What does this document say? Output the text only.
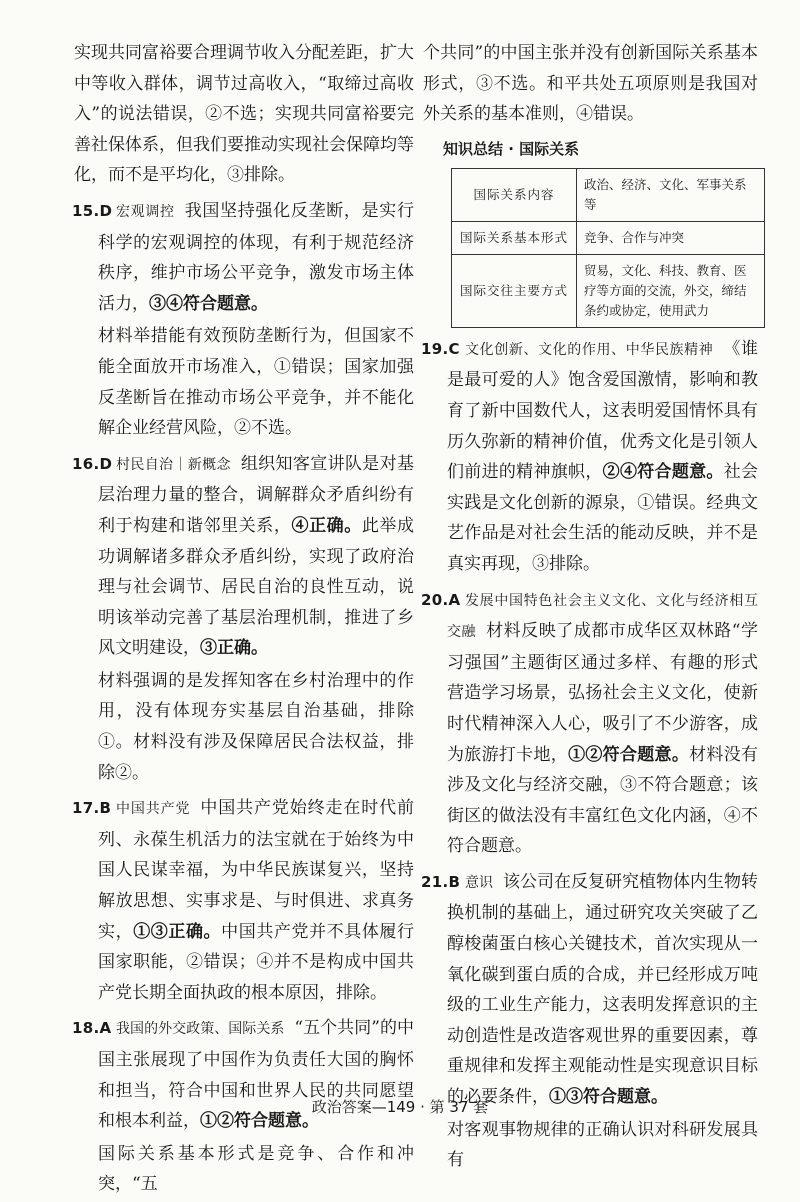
实现共同富裕要合理调节收入分配差距，扩大中等收入群体，调节过高收入，“取缔过高收入”的说法错误，②不选；实现共同富裕要完善社保体系，但我们要推动实现社会保障均等化，而不是平均化，③排除。

15.D 宏观调控 我国坚持强化反垄断，是实行科学的宏观调控的体现，有利于规范经济秩序，维护市场公平竞争，激发市场主体活力，③④符合题意。

材料举措能有效预防垄断行为，但国家不能全面放开市场准入，①错误；国家加强反垄断旨在推动市场公平竞争，并不能化解企业经营风险，②不选。

16.D 村民自治｜新概念 组织知客宣讲队是对基层治理力量的整合，调解群众矛盾纠纷有利于构建和谐邻里关系，④正确。此举成功调解诸多群众矛盾纠纷，实现了政府治理与社会调节、居民自治的良性互动，说明该举动完善了基层治理机制，推进了乡风文明建设，③正确。

材料强调的是发挥知客在乡村治理中的作用，没有体现夯实基层自治基础，排除①。材料没有涉及保障居民合法权益，排除②。

17.B 中国共产党 中国共产党始终走在时代前列、永葆生机活力的法宝就在于始终为中国人民谋幸福，为中华民族谋复兴，坚持解放思想、实事求是、与时俱进、求真务实，①③正确。中国共产党并不具体履行国家职能，②错误；④并不是构成中国共产党长期全面执政的根本原因，排除。

18.A 我国的外交政策、国际关系 “五个共同”的中国主张展现了中国作为负责任大国的胸怀和担当，符合中国和世界人民的共同愿望和根本利益，①②符合题意。

国际关系基本形式是竞争、合作和冲突，“五

个共同”的中国主张并没有创新国际关系基本形式，③不选。和平共处五项原则是我国对外关系的基本准则，④错误。

知识总结 · 国际关系
国际关系内容	政治、经济、文化、军事关系等
国际关系基本形式	竞争、合作与冲突
国际交往主要方式	贸易，文化、科技、教育、医疗等方面的交流，外交，缔结条约或协定，使用武力
19.C 文化创新、文化的作用、中华民族精神 《谁是最可爱的人》饱含爱国激情，影响和教育了新中国数代人，这表明爱国情怀具有历久弥新的精神价值，优秀文化是引领人们前进的精神旗帜，②④符合题意。社会实践是文化创新的源泉，①错误。经典文艺作品是对社会生活的能动反映，并不是真实再现，③排除。

20.A 发展中国特色社会主义文化、文化与经济相互交融 材料反映了成都市成华区双林路“学习强国”主题街区通过多样、有趣的形式营造学习场景，弘扬社会主义文化，使新时代精神深入人心，吸引了不少游客，成为旅游打卡地，①②符合题意。材料没有涉及文化与经济交融，③不符合题意；该街区的做法没有丰富红色文化内涵，④不符合题意。

21.B 意识 该公司在反复研究植物体内生物转换机制的基础上，通过研究攻关突破了乙醇梭菌蛋白核心关键技术，首次实现从一氧化碳到蛋白质的合成，并已经形成万吨级的工业生产能力，这表明发挥意识的主动创造性是改造客观世界的重要因素，尊重规律和发挥主观能动性是实现意识目标的必要条件，①③符合题意。

对客观事物规律的正确认识对科研发展具有

政治答案—149 · 第 37 套
